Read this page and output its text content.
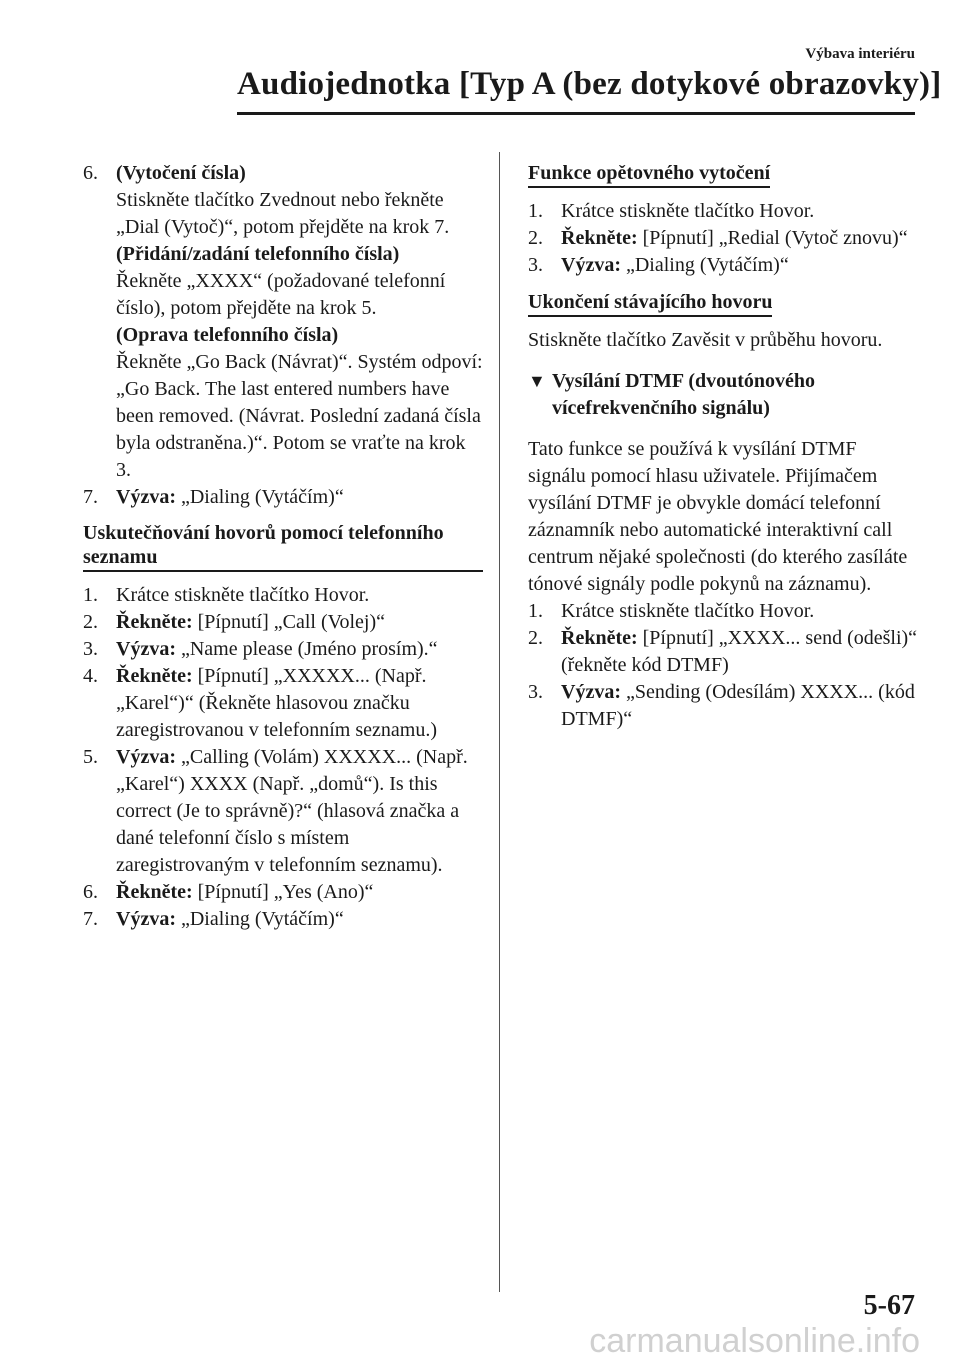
Výbava interiéru
Audiojednotka [Typ A (bez dotykové obrazovky)]
6. (Vytočení čísla)
Stiskněte tlačítko Zvednout nebo řekněte „Dial (Vytoč)“, potom přejděte na krok 7.
(Přidání/zadání telefonního čísla)
Řekněte „XXXX“ (požadované telefonní číslo), potom přejděte na krok 5.
(Oprava telefonního čísla)
Řekněte „Go Back (Návrat)“. Systém odpoví: „Go Back. The last entered numbers have been removed. (Návrat. Poslední zadaná čísla byla odstraněna.)“. Potom se vraťte na krok 3.
7. Výzva: „Dialing (Vytáčím)“
Uskutečňování hovorů pomocí telefonního seznamu
1. Krátce stiskněte tlačítko Hovor.
2. Řekněte: [Pípnutí] „Call (Volej)“
3. Výzva: „Name please (Jméno prosím).“
4. Řekněte: [Pípnutí] „XXXXX... (Např. „Karel“)“ (Řekněte hlasovou značku zaregistrovanou v telefonním seznamu.)
5. Výzva: „Calling (Volám) XXXXX... (Např. „Karel“) XXXX (Např. „domů“). Is this correct (Je to správně)?“ (hlasová značka a dané telefonní číslo s místem zaregistrovaným v telefonním seznamu).
6. Řekněte: [Pípnutí] „Yes (Ano)“
7. Výzva: „Dialing (Vytáčím)“
Funkce opětovného vytočení
1. Krátce stiskněte tlačítko Hovor.
2. Řekněte: [Pípnutí] „Redial (Vytoč znovu)“
3. Výzva: „Dialing (Vytáčím)“
Ukončení stávajícího hovoru
Stiskněte tlačítko Zavěsit v průběhu hovoru.
▼ Vysílání DTMF (dvoutónového vícefrekvenčního signálu)
Tato funkce se používá k vysílání DTMF signálu pomocí hlasu uživatele. Přijímačem vysílání DTMF je obvykle domácí telefonní záznamník nebo automatické interaktivní call centrum nějaké společnosti (do kterého zasíláte tónové signály podle pokynů na záznamu).
1. Krátce stiskněte tlačítko Hovor.
2. Řekněte: [Pípnutí] „XXXX... send (odešli)“ (řekněte kód DTMF)
3. Výzva: „Sending (Odesílám) XXXX... (kód DTMF)“
5-67
carmanualsonline.info
